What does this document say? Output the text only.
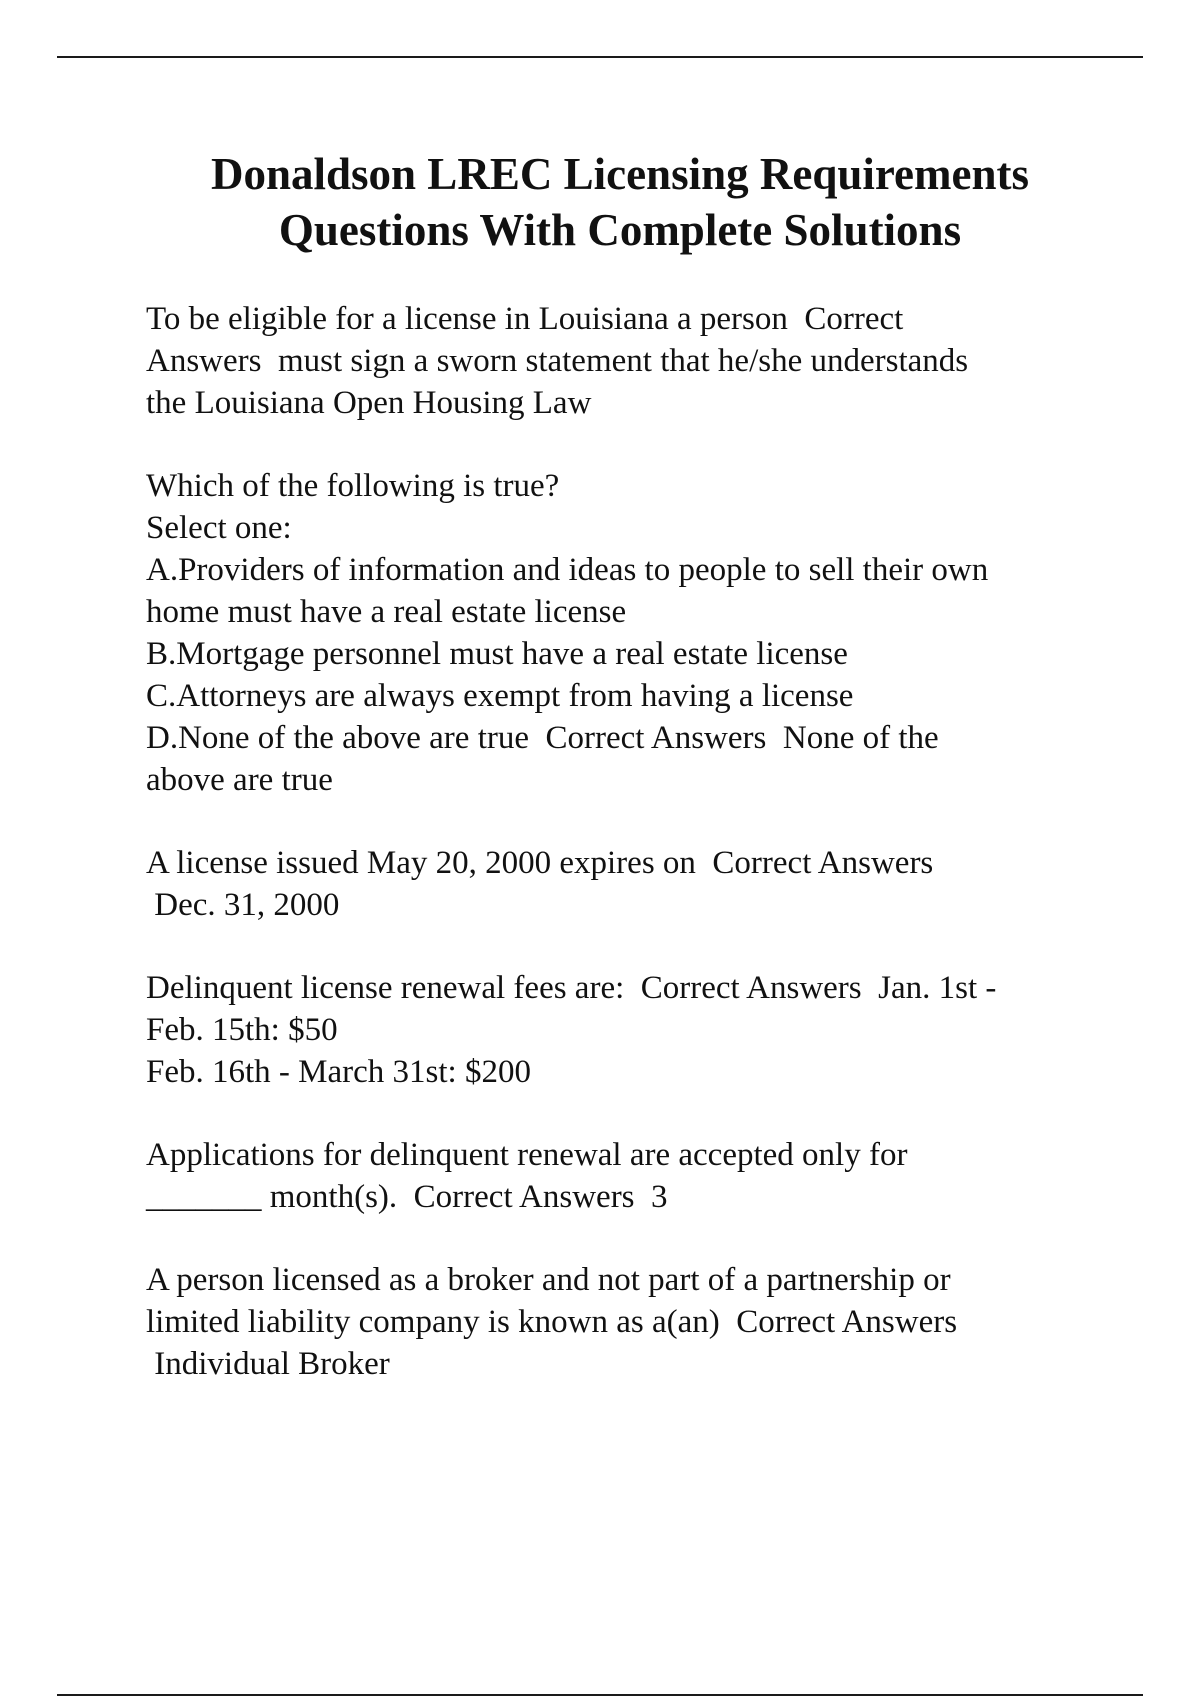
Donaldson LREC Licensing Requirements
Questions With Complete Solutions
To be eligible for a license in Louisiana a person  Correct
Answers  must sign a sworn statement that he/she understands
the Louisiana Open Housing Law
Which of the following is true?
Select one:
A.Providers of information and ideas to people to sell their own
home must have a real estate license
B.Mortgage personnel must have a real estate license
C.Attorneys are always exempt from having a license
D.None of the above are true  Correct Answers  None of the
above are true
A license issued May 20, 2000 expires on  Correct Answers
Dec. 31, 2000
Delinquent license renewal fees are:  Correct Answers  Jan. 1st -
Feb. 15th: $50
Feb. 16th - March 31st: $200
Applications for delinquent renewal are accepted only for
_______ month(s).  Correct Answers  3
A person licensed as a broker and not part of a partnership or
limited liability company is known as a(an)  Correct Answers
Individual Broker
